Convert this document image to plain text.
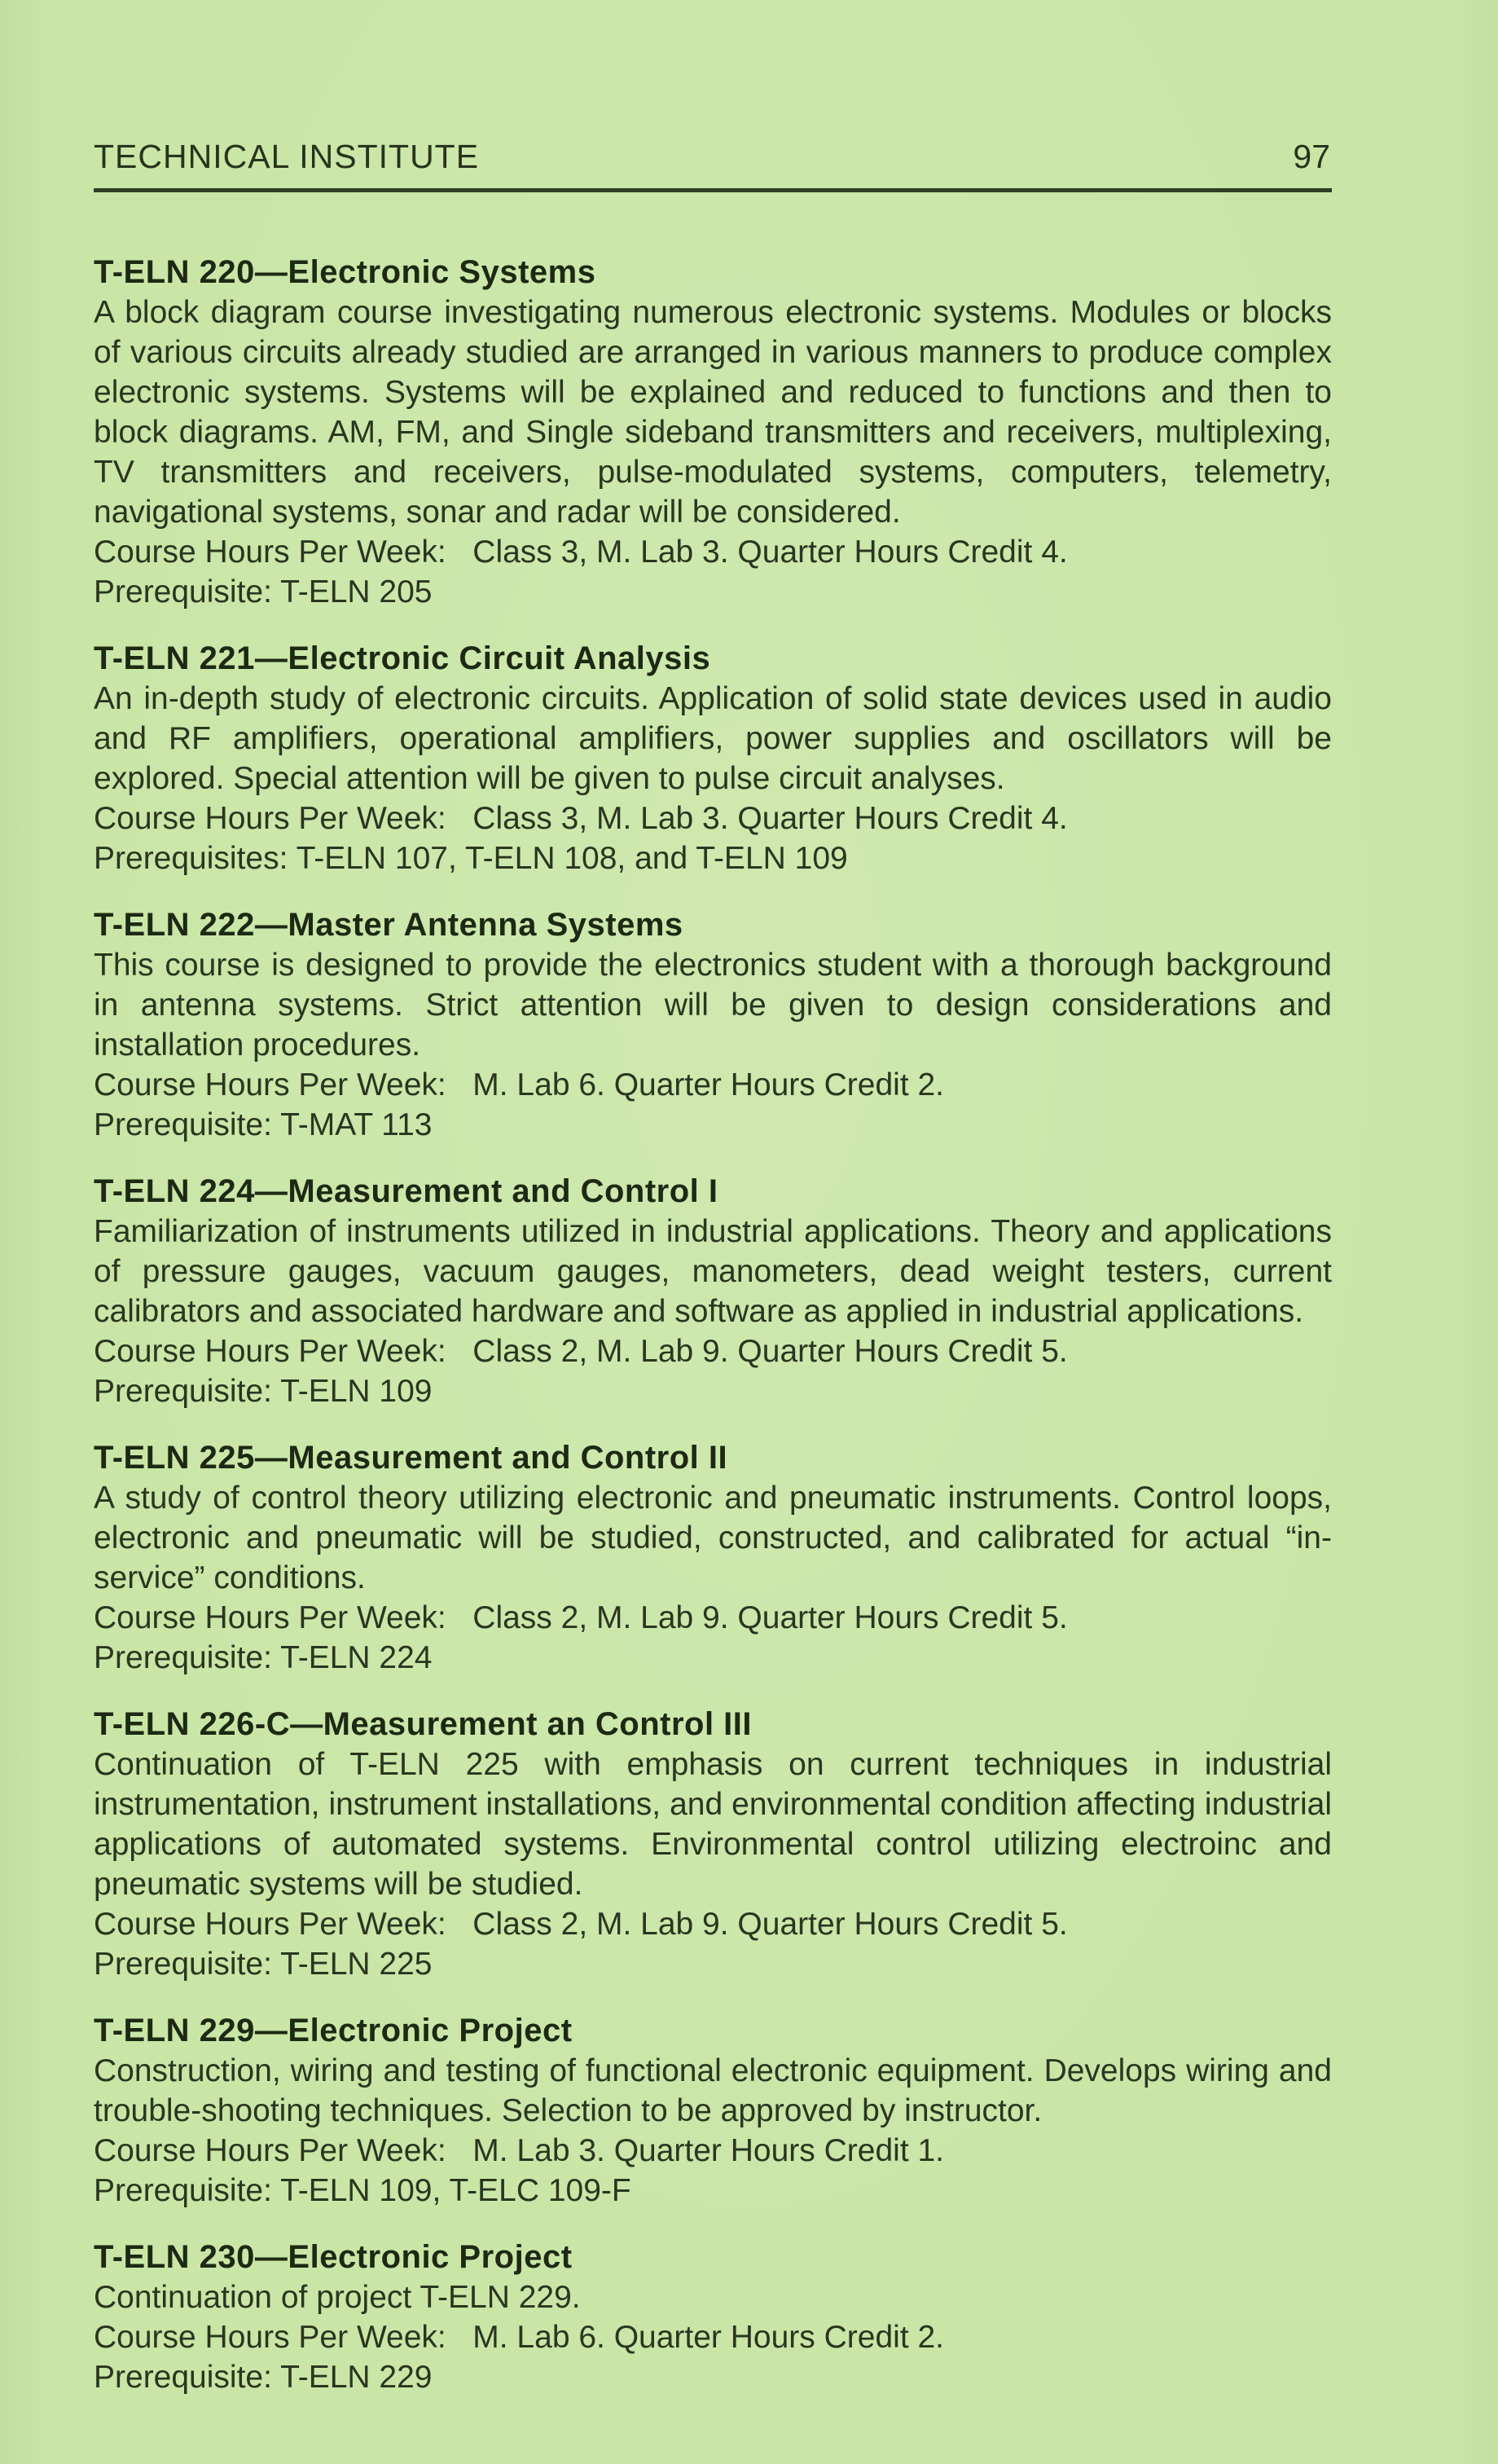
TECHNICAL INSTITUTE	97
T-ELN 220—Electronic Systems

A block diagram course investigating numerous electronic systems. Modules or blocks of various circuits already studied are arranged in various manners to produce complex electronic systems. Systems will be explained and reduced to functions and then to block diagrams. AM, FM, and Single sideband transmitters and receivers, multiplexing, TV transmitters and receivers, pulse-modulated systems, computers, telemetry, navigational systems, sonar and radar will be considered.

Course Hours Per Week:   Class 3, M. Lab 3. Quarter Hours Credit 4.

Prerequisite: T-ELN 205

T-ELN 221—Electronic Circuit Analysis

An in-depth study of electronic circuits. Application of solid state devices used in audio and RF amplifiers, operational amplifiers, power supplies and oscillators will be explored. Special attention will be given to pulse circuit analyses.

Course Hours Per Week:   Class 3, M. Lab 3. Quarter Hours Credit 4.

Prerequisites: T-ELN 107, T-ELN 108, and T-ELN 109

T-ELN 222—Master Antenna Systems

This course is designed to provide the electronics student with a thorough background in antenna systems. Strict attention will be given to design considerations and installation procedures.

Course Hours Per Week:   M. Lab 6. Quarter Hours Credit 2.

Prerequisite: T-MAT 113

T-ELN 224—Measurement and Control I

Familiarization of instruments utilized in industrial applications. Theory and applications of pressure gauges, vacuum gauges, manometers, dead weight testers, current calibrators and associated hardware and software as applied in industrial applications.

Course Hours Per Week:   Class 2, M. Lab 9. Quarter Hours Credit 5.

Prerequisite: T-ELN 109

T-ELN 225—Measurement and Control II

A study of control theory utilizing electronic and pneumatic instruments. Control loops, electronic and pneumatic will be studied, constructed, and calibrated for actual “in-service” conditions.

Course Hours Per Week:   Class 2, M. Lab 9. Quarter Hours Credit 5.

Prerequisite: T-ELN 224

T-ELN 226-C—Measurement an Control III

Continuation of T-ELN 225 with emphasis on current techniques in industrial instrumentation, instrument installations, and environmental condition affecting industrial applications of automated systems. Environmental control utilizing electroinc and pneumatic systems will be studied.

Course Hours Per Week:   Class 2, M. Lab 9. Quarter Hours Credit 5.

Prerequisite: T-ELN 225

T-ELN 229—Electronic Project

Construction, wiring and testing of functional electronic equipment. Develops wiring and trouble-shooting techniques. Selection to be approved by instructor.

Course Hours Per Week:   M. Lab 3. Quarter Hours Credit 1.

Prerequisite: T-ELN 109, T-ELC 109-F

T-ELN 230—Electronic Project

Continuation of project T-ELN 229.

Course Hours Per Week:   M. Lab 6. Quarter Hours Credit 2.

Prerequisite: T-ELN 229
